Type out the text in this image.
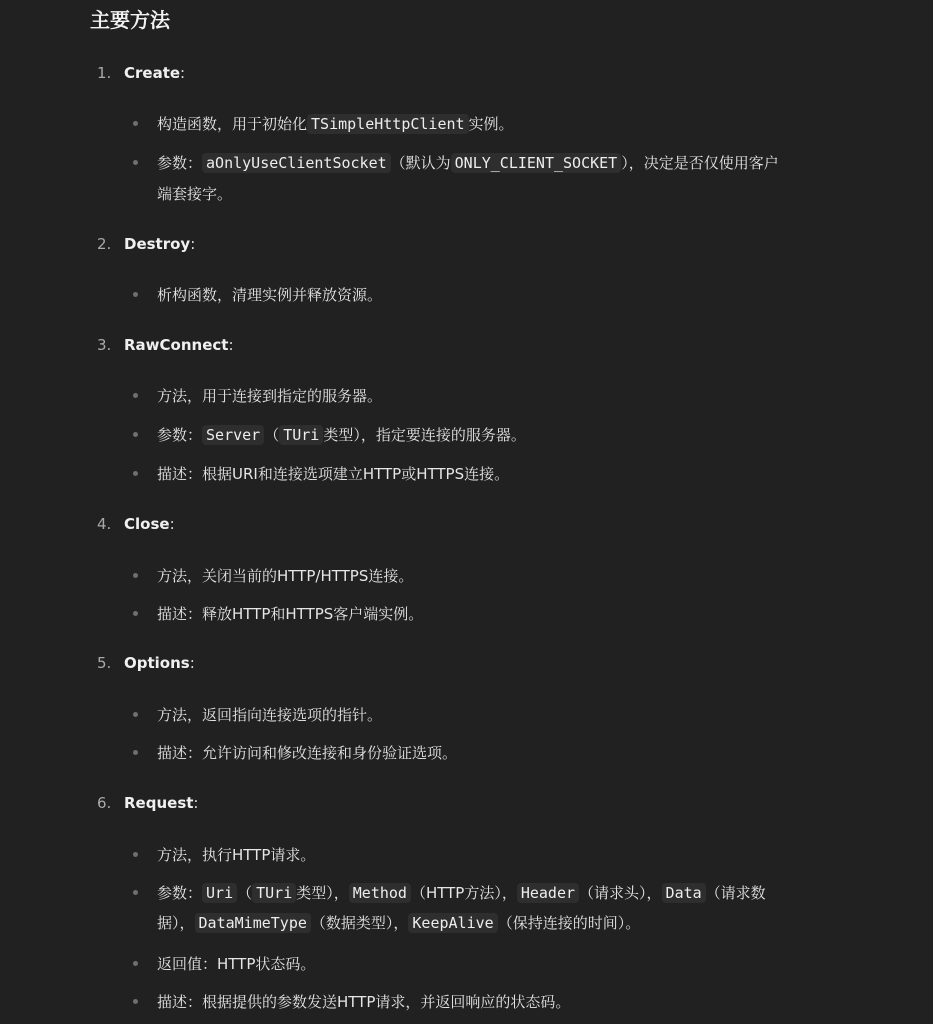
主要方法
1. Create:
构造函数，用于初始化 TSimpleHttpClient 实例。
参数： aOnlyUseClientSocket （默认为 ONLY_CLIENT_SOCKET ），决定是否仅使用客户
端套接字。
2. Destroy:
析构函数，清理实例并释放资源。
3. RawConnect:
方法，用于连接到指定的服务器。
参数： Server （ TUri 类型），指定要连接的服务器。
描述：根据URI和连接选项建立HTTP或HTTPS连接。
4. Close:
方法，关闭当前的HTTP/HTTPS连接。
描述：释放HTTP和HTTPS客户端实例。
5. Options:
方法，返回指向连接选项的指针。
描述：允许访问和修改连接和身份验证选项。
6. Request:
方法，执行HTTP请求。
参数： Uri （ TUri 类型）， Method （HTTP方法）， Header （请求头）， Data （请求数
据）， DataMimeType （数据类型）， KeepAlive （保持连接的时间）。
返回值：HTTP状态码。
描述：根据提供的参数发送HTTP请求，并返回响应的状态码。
